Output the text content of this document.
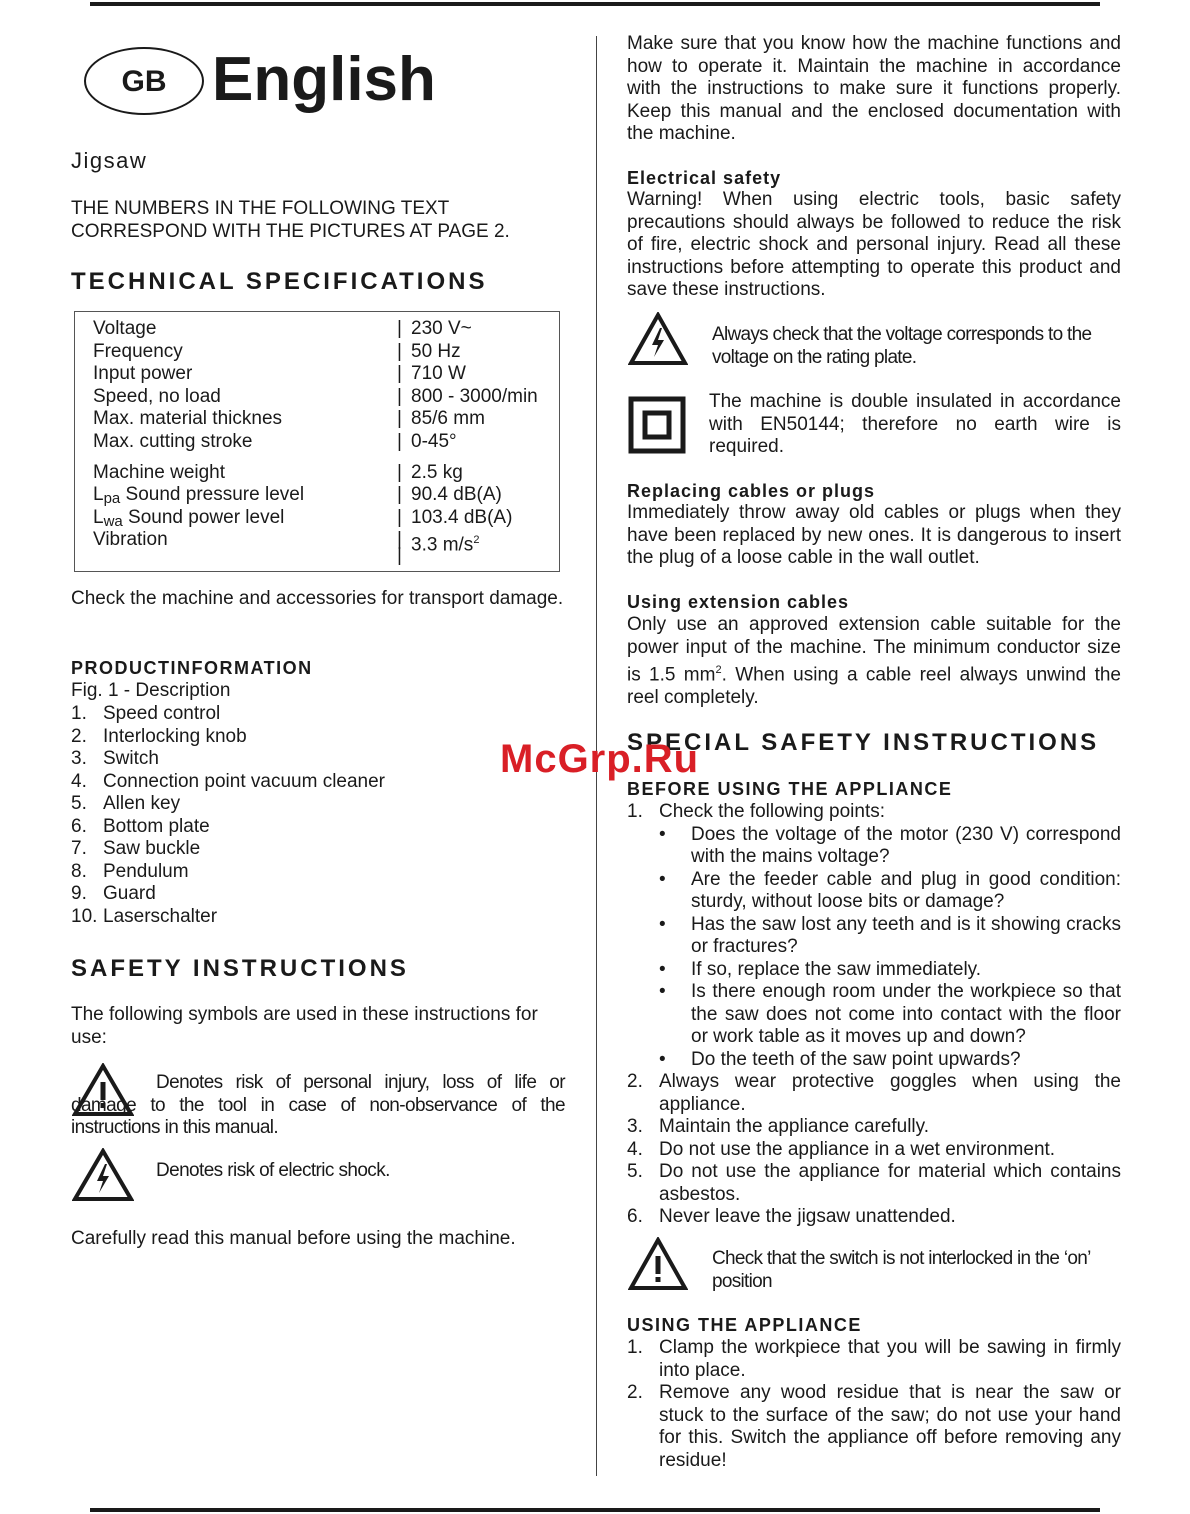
GB English

Jigsaw

THE NUMBERS IN THE FOLLOWING TEXT CORRESPOND WITH THE PICTURES AT PAGE 2.

TECHNICAL SPECIFICATIONS
Voltage	| 230 V~
Frequency	| 50 Hz
Input power	| 710 W
Speed, no load	| 800 - 3000/min
Max. material thicknes	| 85/6 mm
Max. cutting stroke	| 0-45°
Machine weight	| 2.5 kg
$L_{pa}$ Sound pressure level	| 90.4 dB(A)
$L_{wa}$ Sound power level	| 103.4 dB(A)
Vibration	| 3.3 $m/s^2$
|

Check the machine and accessories for transport damage.

PRODUCTINFORMATION

Fig. 1 - Description

1. Speed control
2. Interlocking knob
3. Switch
4. Connection point vacuum cleaner
5. Allen key
6. Bottom plate
7. Saw buckle
8. Pendulum
9. Guard
10. Laserschalter
SAFETY INSTRUCTIONS

The following symbols are used in these instructions for use:

Denotes risk of personal injury, loss of life or damage to the tool in case of non-observance of the instructions in this manual.

Denotes risk of electric shock.

Carefully read this manual before using the machine.

Make sure that you know how the machine functions and how to operate it. Maintain the machine in accordance with the instructions to make sure it functions properly. Keep this manual and the enclosed documentation with the machine.

Electrical safety

Warning! When using electric tools, basic safety precautions should always be followed to reduce the risk of fire, electric shock and personal injury. Read all these instructions before attempting to operate this product and save these instructions.

Always check that the voltage corresponds to the voltage on the rating plate.

The machine is double insulated in accordance with EN50144; therefore no earth wire is required.

Replacing cables or plugs

Immediately throw away old cables or plugs when they have been replaced by new ones. It is dangerous to insert the plug of a loose cable in the wall outlet.

Using extension cables

Only use an approved extension cable suitable for the power input of the machine. The minimum conductor size is 1.5 $mm^2$. When using a cable reel always unwind the reel completely.

SPECIAL SAFETY INSTRUCTIONS
BEFORE USING THE APPLIANCE
1. Check the following points:
• Does the voltage of the motor (230 V) correspond with the mains voltage?
• Are the feeder cable and plug in good condition: sturdy, without loose bits or damage?
• Has the saw lost any teeth and is it showing cracks or fractures?
• If so, replace the saw immediately.
• Is there enough room under the workpiece so that the saw does not come into contact with the floor or work table as it moves up and down?
• Do the teeth of the saw point upwards?
2. Always wear protective goggles when using the appliance.
3. Maintain the appliance carefully.
4. Do not use the appliance in a wet environment.
5. Do not use the appliance for material which contains asbestos.
6. Never leave the jigsaw unattended.

Check that the switch is not interlocked in the ‘on’ position

USING THE APPLIANCE
1. Clamp the workpiece that you will be sawing in firmly into place.
2. Remove any wood residue that is near the saw or stuck to the surface of the saw; do not use your hand for this. Switch the appliance off before removing any residue!
McGrp.Ru
